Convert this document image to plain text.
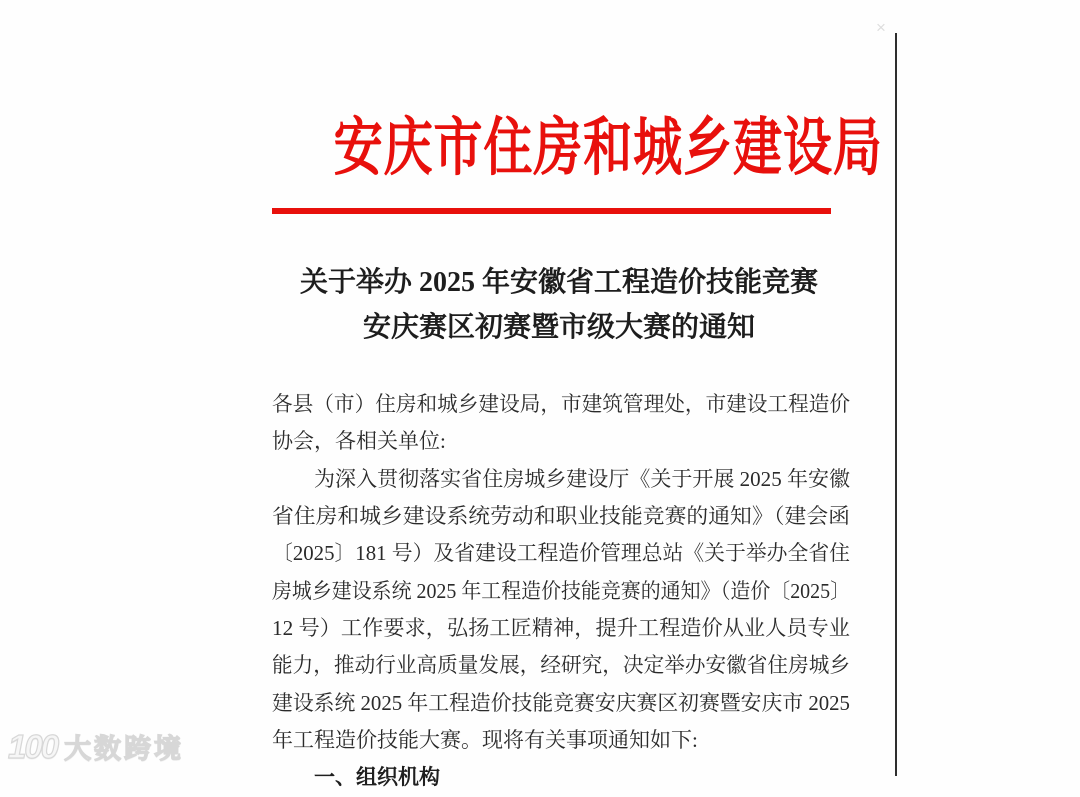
安庆市住房和城乡建设局
关于举办 2025 年安徽省工程造价技能竞赛
安庆赛区初赛暨市级大赛的通知
各县（市）住房和城乡建设局，市建筑管理处，市建设工程造价
协会，各相关单位:
　　为深入贯彻落实省住房城乡建设厅《关于开展 2025 年安徽
省住房和城乡建设系统劳动和职业技能竞赛的通知》（建会函
〔2025〕181 号）及省建设工程造价管理总站《关于举办全省住
房城乡建设系统 2025 年工程造价技能竞赛的通知》（造价〔2025〕
12 号）工作要求，弘扬工匠精神，提升工程造价从业人员专业
能力，推动行业高质量发展，经研究，决定举办安徽省住房城乡
建设系统 2025 年工程造价技能竞赛安庆赛区初赛暨安庆市 2025
年工程造价技能大赛。现将有关事项通知如下:
　　一、组织机构
×
100 大数跨境
